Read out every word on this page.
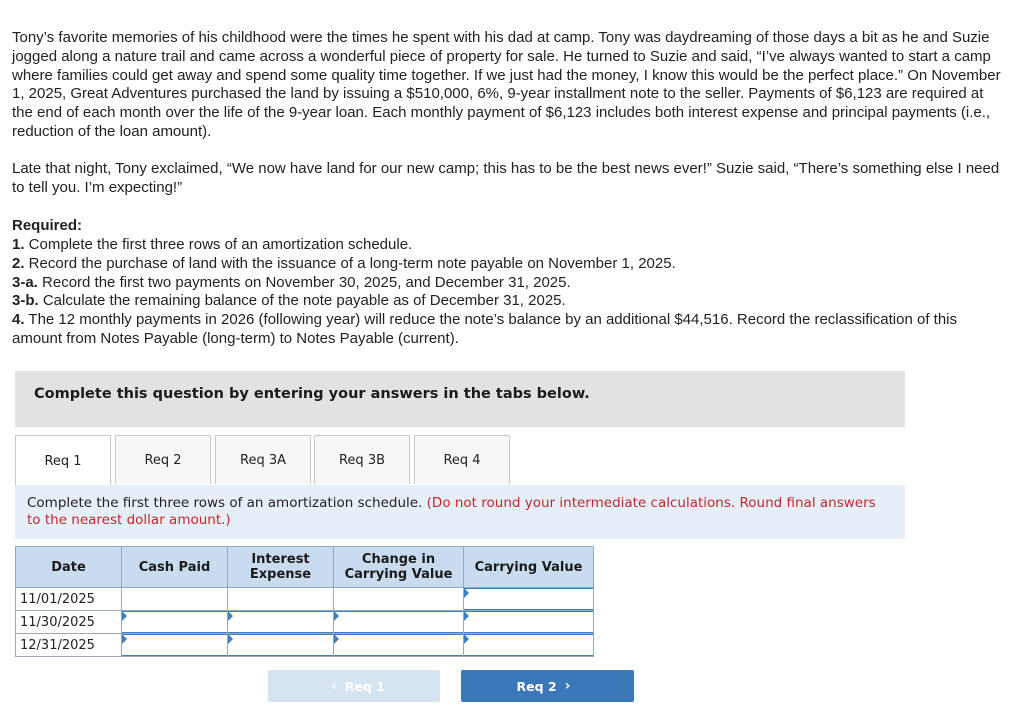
Tony’s favorite memories of his childhood were the times he spent with his dad at camp. Tony was daydreaming of those days a bit as he and Suzie jogged along a nature trail and came across a wonderful piece of property for sale. He turned to Suzie and said, “I’ve always wanted to start a camp where families could get away and spend some quality time together. If we just had the money, I know this would be the perfect place.” On November 1, 2025, Great Adventures purchased the land by issuing a $510,000, 6%, 9-year installment note to the seller. Payments of $6,123 are required at the end of each month over the life of the 9-year loan. Each monthly payment of $6,123 includes both interest expense and principal payments (i.e., reduction of the loan amount).
Late that night, Tony exclaimed, “We now have land for our new camp; this has to be the best news ever!” Suzie said, “There’s something else I need to tell you. I’m expecting!”
Required:
1. Complete the first three rows of an amortization schedule.
2. Record the purchase of land with the issuance of a long-term note payable on November 1, 2025.
3-a. Record the first two payments on November 30, 2025, and December 31, 2025.
3-b. Calculate the remaining balance of the note payable as of December 31, 2025.
4. The 12 monthly payments in 2026 (following year) will reduce the note’s balance by an additional $44,516. Record the reclassification of this amount from Notes Payable (long-term) to Notes Payable (current).
Complete this question by entering your answers in the tabs below.
Req 1	Req 2	Req 3A	Req 3B	Req 4
Complete the first three rows of an amortization schedule. (Do not round your intermediate calculations. Round final answers to the nearest dollar amount.)
Date	Cash Paid	Interest Expense	Change in Carrying Value	Carrying Value
11/01/2025				
11/30/2025				
12/31/2025				
‹ Req 1	Req 2 ›
